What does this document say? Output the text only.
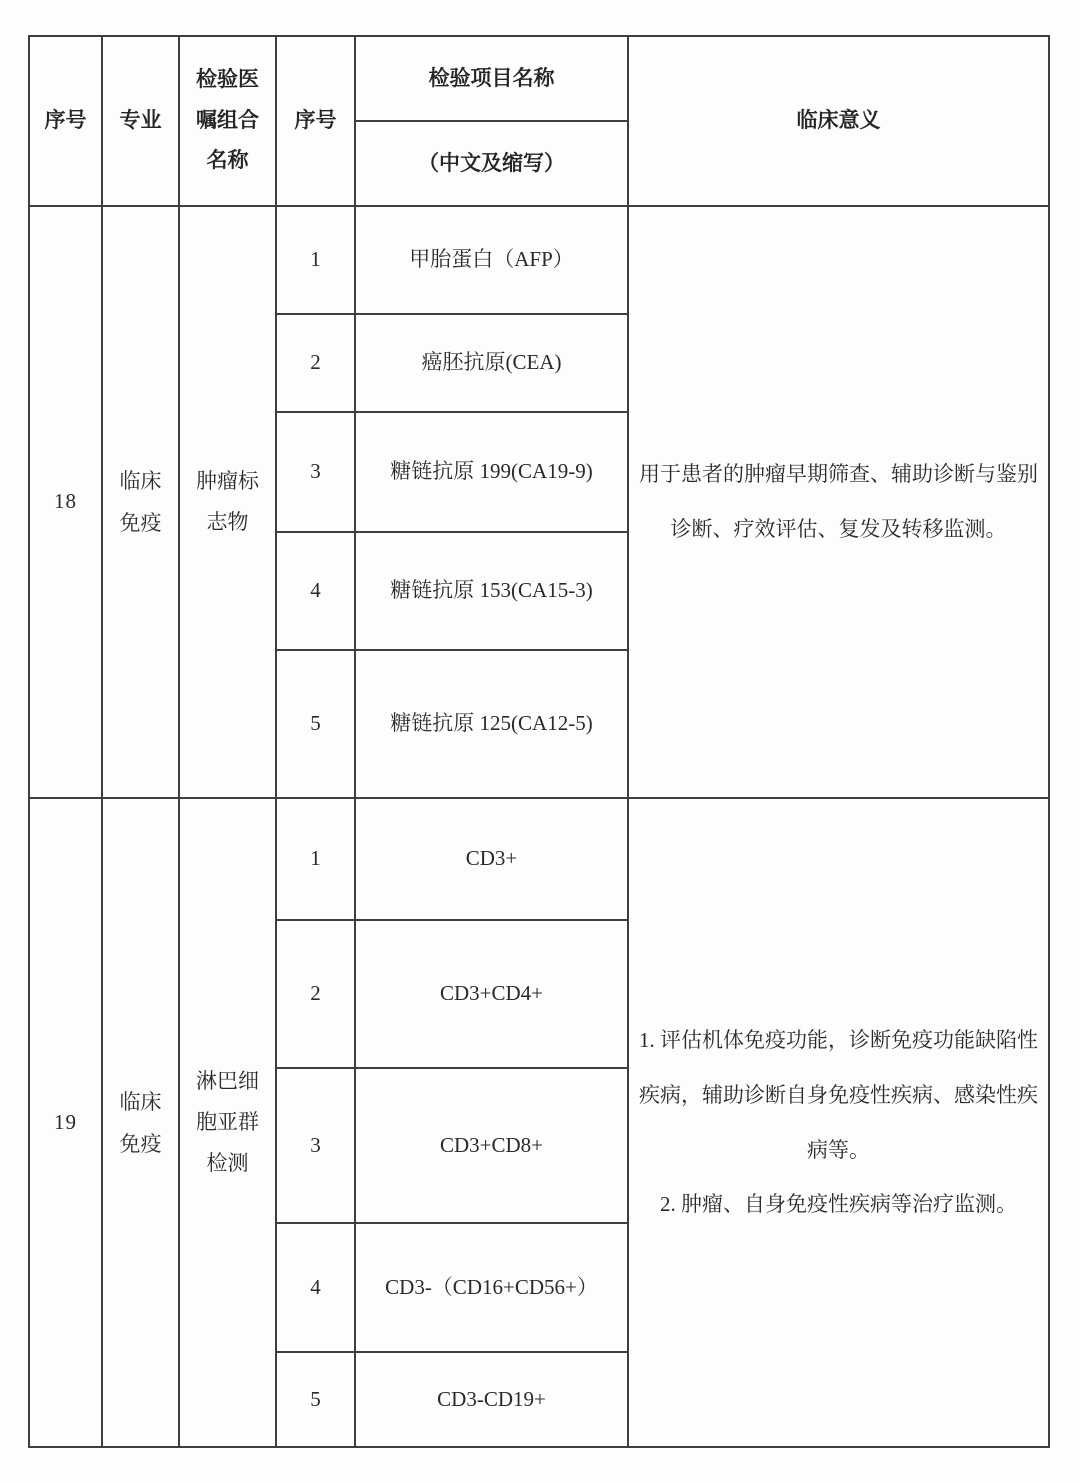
序号	专业	检验医嘱组合名称	序号	检验项目名称	临床意义
				（中文及缩写）	
18	临床免疫	肿瘤标志物	1	甲胎蛋白（AFP）	用于患者的肿瘤早期筛查、辅助诊断与鉴别诊断、疗效评估、复发及转移监测。

			2	癌胚抗原(CEA)	
			3	糖链抗原 199(CA19-9)	
			4	糖链抗原 153(CA15-3)	
			5	糖链抗原 125(CA12-5)	
19	临床免疫	淋巴细胞亚群检测	1	CD3+	1. 评估机体免疫功能，诊断免疫功能缺陷性疾病，辅助诊断自身免疫性疾病、感染性疾病等。
2. 肿瘤、自身免疫性疾病等治疗监测。

			2	CD3+CD4+	
			3	CD3+CD8+	
			4	CD3-（CD16+CD56+）	
			5	CD3-CD19+	
